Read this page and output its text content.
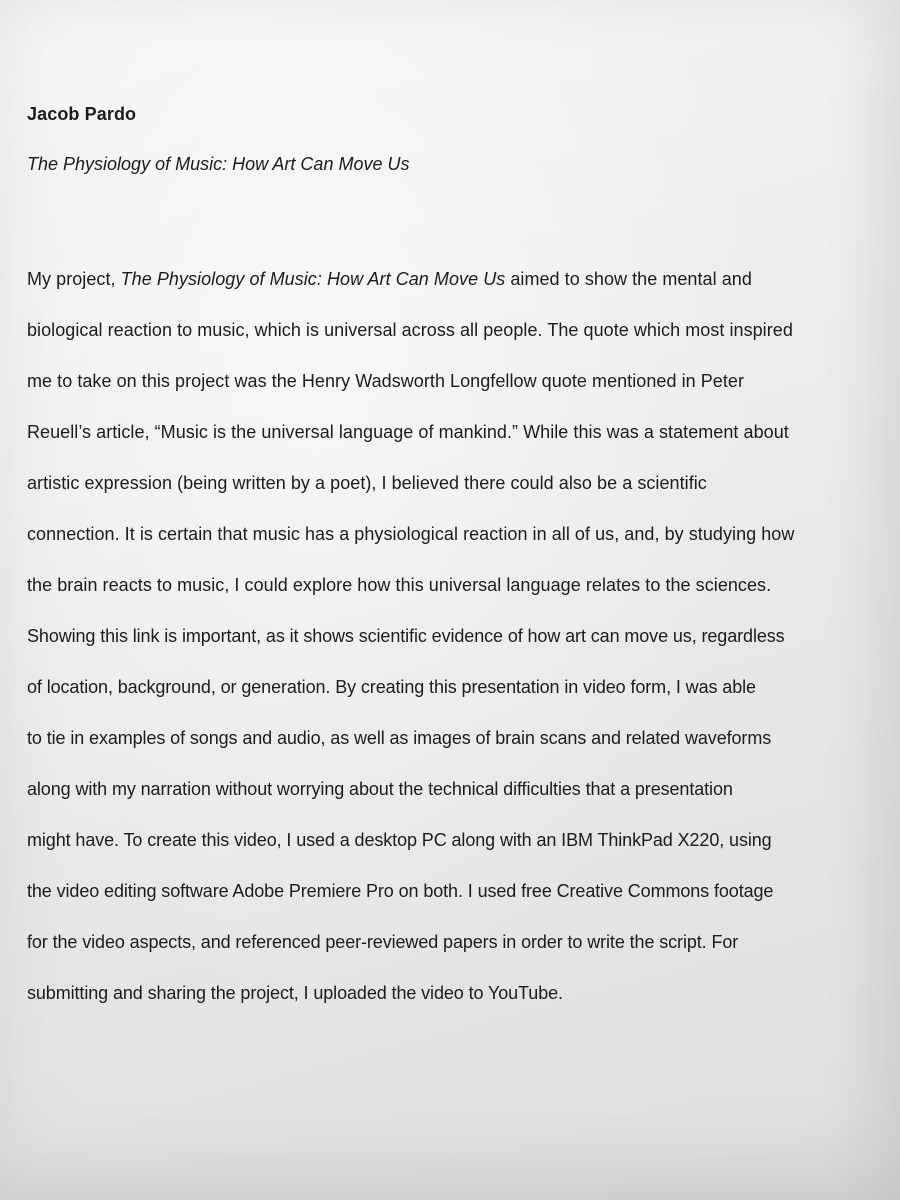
Jacob Pardo

The Physiology of Music: How Art Can Move Us
My project, The Physiology of Music: How Art Can Move Us aimed to show the mental and
biological reaction to music, which is universal across all people. The quote which most inspired
me to take on this project was the Henry Wadsworth Longfellow quote mentioned in Peter
Reuell’s article, “Music is the universal language of mankind.” While this was a statement about
artistic expression (being written by a poet), I believed there could also be a scientific
connection. It is certain that music has a physiological reaction in all of us, and, by studying how
the brain reacts to music, I could explore how this universal language relates to the sciences.
Showing this link is important, as it shows scientific evidence of how art can move us, regardless
of location, background, or generation. By creating this presentation in video form, I was able
to tie in examples of songs and audio, as well as images of brain scans and related waveforms
along with my narration without worrying about the technical difficulties that a presentation
might have. To create this video, I used a desktop PC along with an IBM ThinkPad X220, using
the video editing software Adobe Premiere Pro on both. I used free Creative Commons footage
for the video aspects, and referenced peer-reviewed papers in order to write the script. For
submitting and sharing the project, I uploaded the video to YouTube.
